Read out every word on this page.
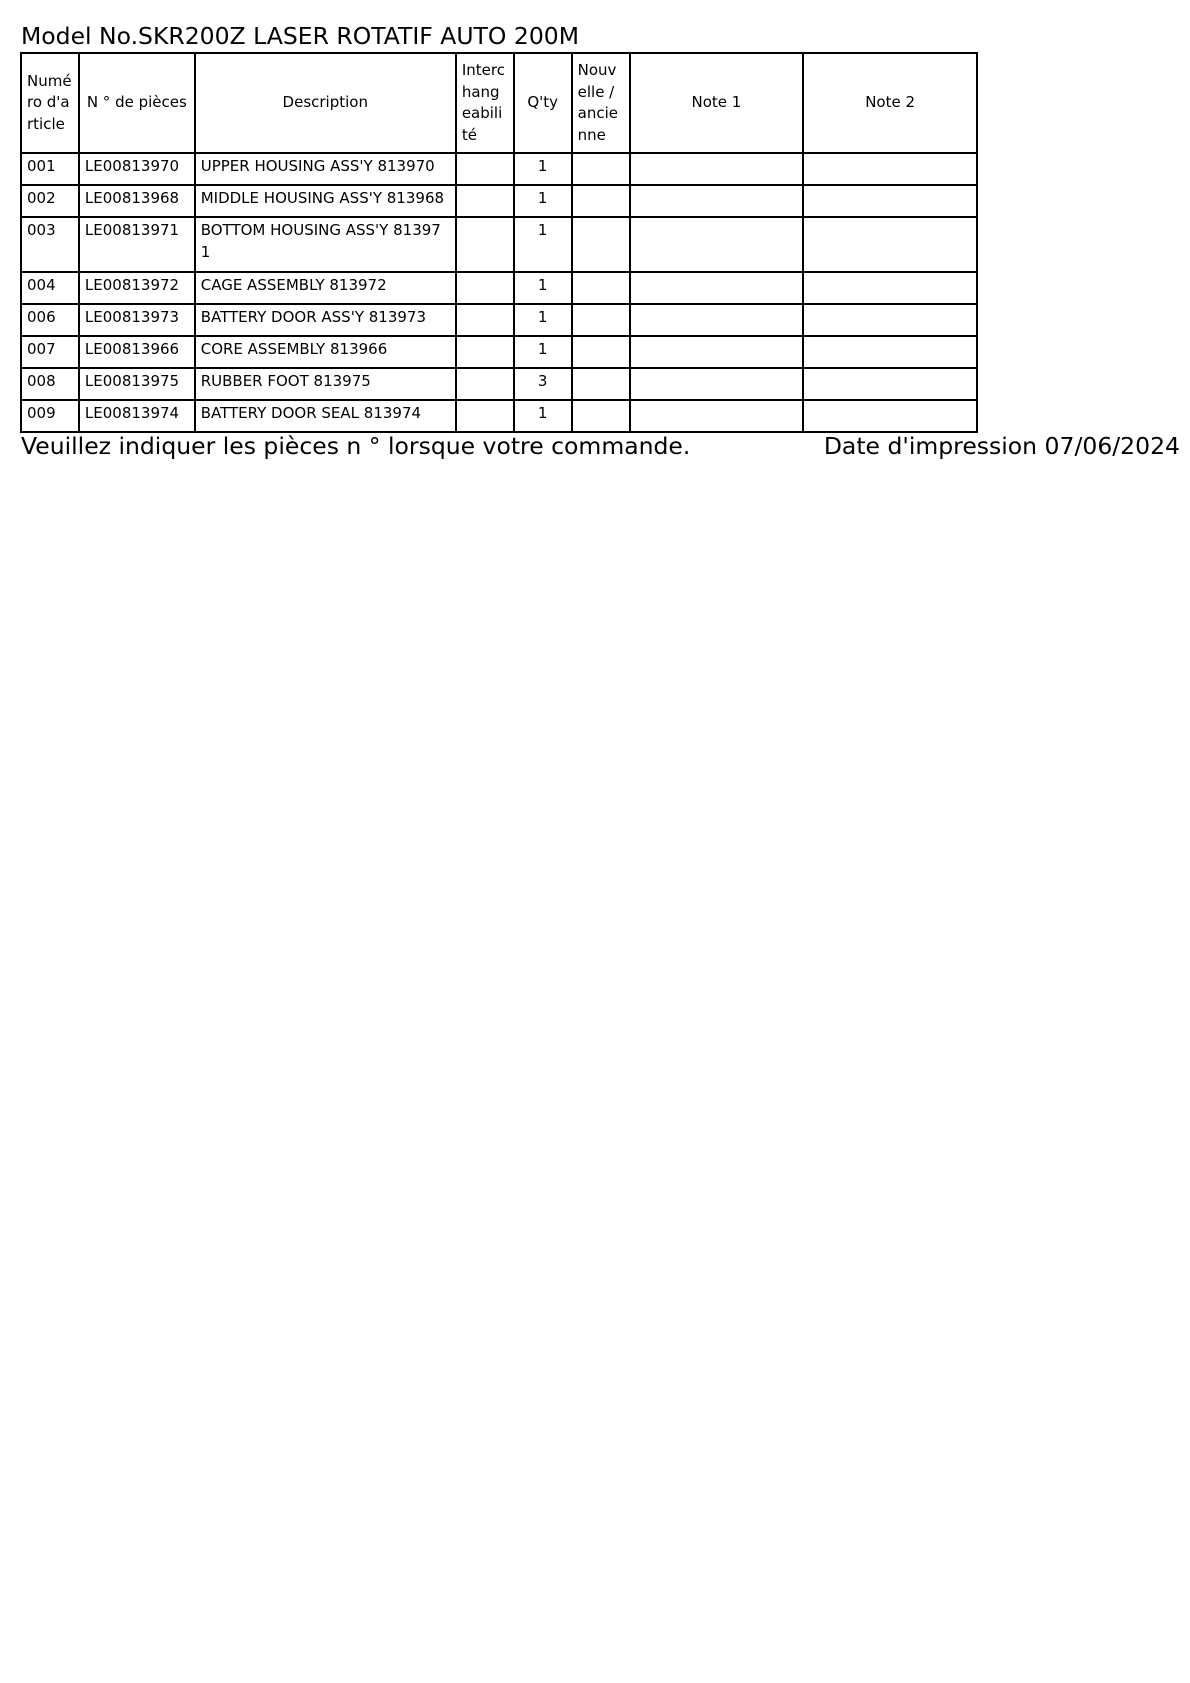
Model No.SKR200Z LASER ROTATIF AUTO 200M
Numéro d'article	N ° de pièces	Description	Interchangeabilité	Q'ty	Nouvelle / ancienne	Note 1	Note 2
001	LE00813970	UPPER HOUSING ASS'Y 813970		1			
002	LE00813968	MIDDLE HOUSING ASS'Y 813968		1			
003	LE00813971	BOTTOM HOUSING ASS'Y 813971		1			
004	LE00813972	CAGE ASSEMBLY 813972		1			
006	LE00813973	BATTERY DOOR ASS'Y 813973		1			
007	LE00813966	CORE ASSEMBLY 813966		1			
008	LE00813975	RUBBER FOOT 813975		3			
009	LE00813974	BATTERY DOOR SEAL 813974		1			
Veuillez indiquer les pièces n ° lorsque votre commande.	Date d'impression 07/06/2024
